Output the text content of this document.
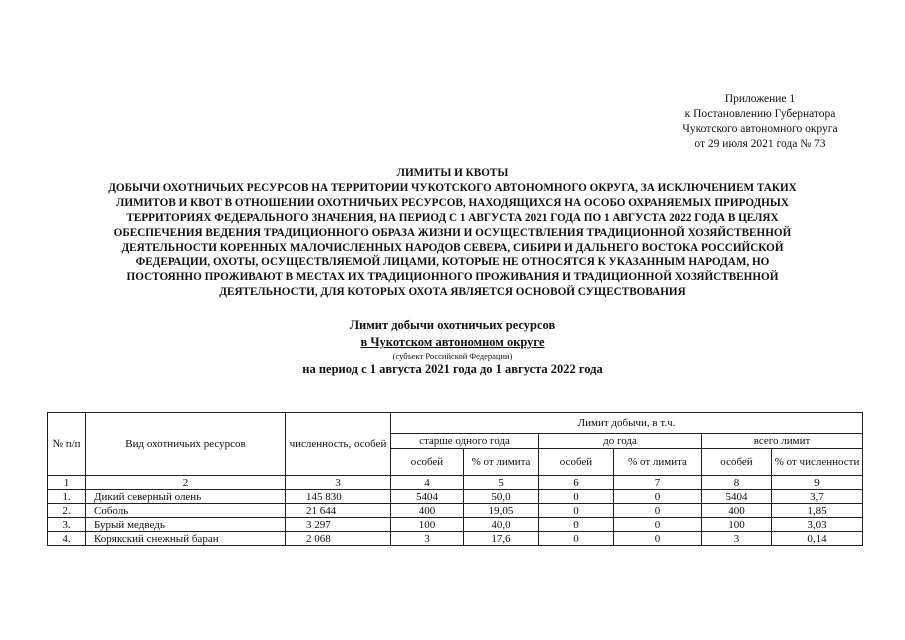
Приложение 1
к Постановлению Губернатора
Чукотского автономного округа
от 29 июля 2021 года № 73
ЛИМИТЫ И КВОТЫ
ДОБЫЧИ ОХОТНИЧЬИХ РЕСУРСОВ НА ТЕРРИТОРИИ ЧУКОТСКОГО АВТОНОМНОГО ОКРУГА, ЗА ИСКЛЮЧЕНИЕМ ТАКИХ
ЛИМИТОВ И КВОТ В ОТНОШЕНИИ ОХОТНИЧЬИХ РЕСУРСОВ, НАХОДЯЩИХСЯ НА ОСОБО ОХРАНЯЕМЫХ ПРИРОДНЫХ
ТЕРРИТОРИЯХ ФЕДЕРАЛЬНОГО ЗНАЧЕНИЯ, НА ПЕРИОД С 1 АВГУСТА 2021 ГОДА ПО 1 АВГУСТА 2022 ГОДА В ЦЕЛЯХ
ОБЕСПЕЧЕНИЯ ВЕДЕНИЯ ТРАДИЦИОННОГО ОБРАЗА ЖИЗНИ И ОСУЩЕСТВЛЕНИЯ ТРАДИЦИОННОЙ ХОЗЯЙСТВЕННОЙ
ДЕЯТЕЛЬНОСТИ КОРЕННЫХ МАЛОЧИСЛЕННЫХ НАРОДОВ СЕВЕРА, СИБИРИ И ДАЛЬНЕГО ВОСТОКА РОССИЙСКОЙ
ФЕДЕРАЦИИ, ОХОТЫ, ОСУЩЕСТВЛЯЕМОЙ ЛИЦАМИ, КОТОРЫЕ НЕ ОТНОСЯТСЯ К УКАЗАННЫМ НАРОДАМ, НО
ПОСТОЯННО ПРОЖИВАЮТ В МЕСТАХ ИХ ТРАДИЦИОННОГО ПРОЖИВАНИЯ И ТРАДИЦИОННОЙ ХОЗЯЙСТВЕННОЙ
ДЕЯТЕЛЬНОСТИ, ДЛЯ КОТОРЫХ ОХОТА ЯВЛЯЕТСЯ ОСНОВОЙ СУЩЕСТВОВАНИЯ
Лимит добычи охотничьих ресурсов
в Чукотском автономном округе
(субъект Российской Федерации)
на период с 1 августа 2021 года до 1 августа 2022 года
№ п/п	Вид охотничьих ресурсов	численность, особей	Лимит добычи, в т.ч.					
			старше одного года		до года		всего лимит	
			особей	% от лимита	особей	% от лимита	особей	% от численности
1	2	3	4	5	6	7	8	9
1.	Дикий северный олень	145 830	5404	50,0	0	0	5404	3,7
2.	Соболь	21 644	400	19,05	0	0	400	1,85
3.	Бурый медведь	3 297	100	40,0	0	0	100	3,03
4.	Корякский снежный баран	2 068	3	17,6	0	0	3	0,14
